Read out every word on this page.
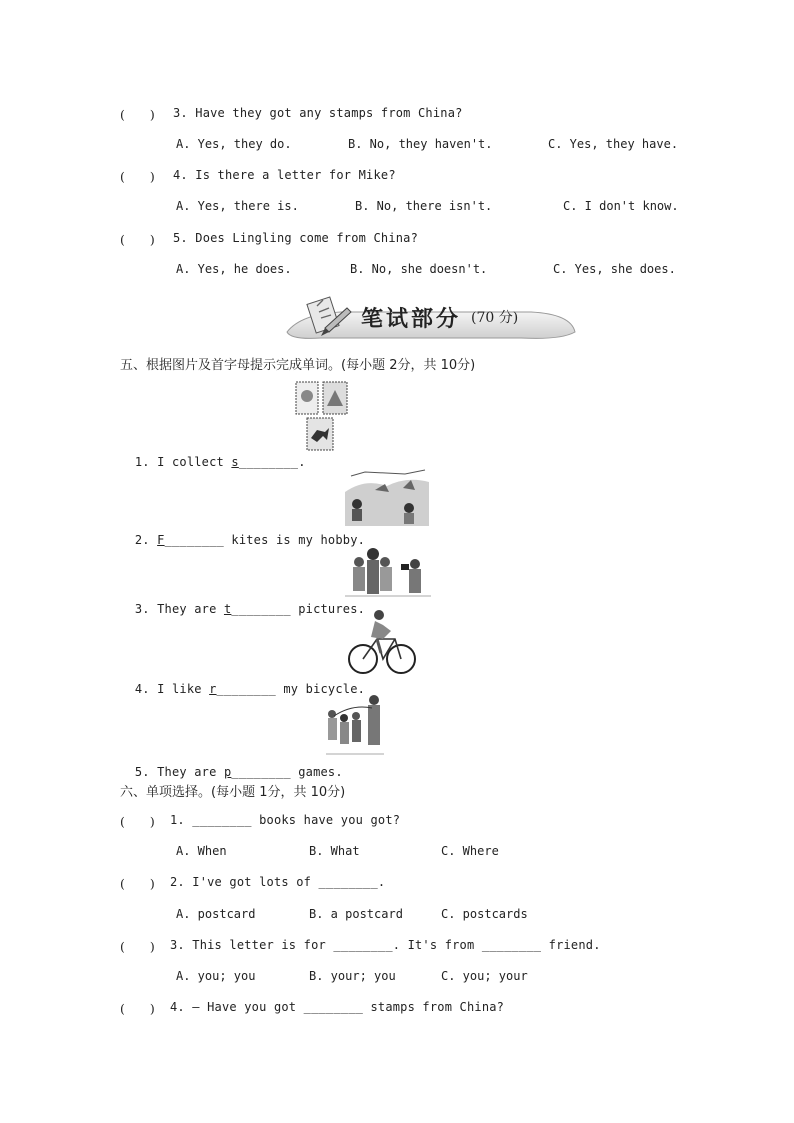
(　　) 3. Have they got any stamps from China?
A. Yes, they do.	B. No, they haven't.	C. Yes, they have.
(　　) 4. Is there a letter for Mike?
A. Yes, there is.	B. No, there isn't.	C. I don't know.
(　　) 5. Does Lingling come from China?
A. Yes, he does.	B. No, she doesn't.	C. Yes, she does.
笔试部分 (70 分)
五、根据图片及首字母提示完成单词。(每小题 2分，共 10分)

1. I collect s________.

2. F________ kites is my hobby.

3. They are t________ pictures.

4. I like r________ my bicycle.

5. They are p________ games.

六、单项选择。(每小题 1分，共 10分)
(　　) 1. ________ books have you got?
A. When	B. What	C. Where
(　　) 2. I've got lots of ________.
A. postcard	B. a postcard	C. postcards
(　　) 3. This letter is for ________. It's from ________ friend.
A. you; you	B. your; you	C. you; your
(　　) 4. — Have you got ________ stamps from China?
